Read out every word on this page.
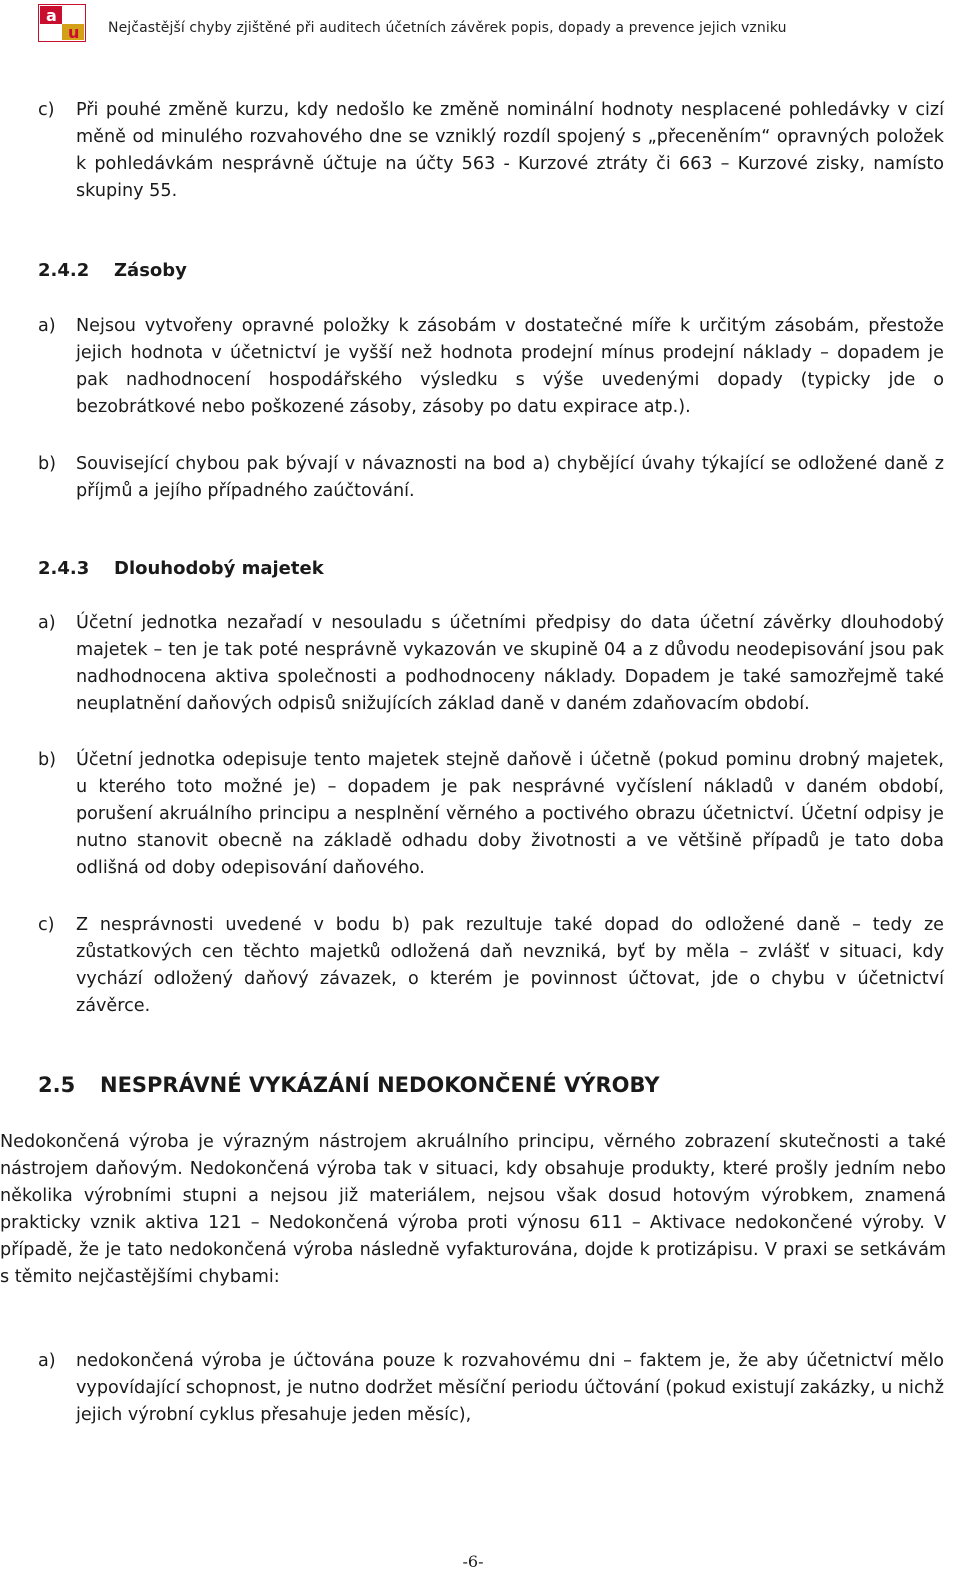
a
u Nejčastější chyby zjištěné při auditech účetních závěrek popis, dopady a prevence jejich vzniku
c) Při pouhé změně kurzu, kdy nedošlo ke změně nominální hodnoty nesplacené pohledávky v cizí měně od minulého rozvahového dne se vzniklý rozdíl spojený s „přeceněním“ opravných položek k pohledávkám nesprávně účtuje na účty 563 - Kurzové ztráty či 663 – Kurzové zisky, namísto skupiny 55.

2.4.2 Zásoby
a) Nejsou vytvořeny opravné položky k zásobám v dostatečné míře k určitým zásobám, přestože jejich hodnota v účetnictví je vyšší než hodnota prodejní mínus prodejní náklady – dopadem je pak nadhodnocení hospodářského výsledku s výše uvedenými dopady (typicky jde o bezobrátkové nebo poškozené zásoby, zásoby po datu expirace atp.).

b) Související chybou pak bývají v návaznosti na bod a) chybějící úvahy týkající se odložené daně z příjmů a jejího případného zaúčtování.

2.4.3 Dlouhodobý majetek
a) Účetní jednotka nezařadí v nesouladu s účetními předpisy do data účetní závěrky dlouhodobý majetek – ten je tak poté nesprávně vykazován ve skupině 04 a z důvodu neodepisování jsou pak nadhodnocena aktiva společnosti a podhodnoceny náklady. Dopadem je také samozřejmě také neuplatnění daňových odpisů snižujících základ daně v daném zdaňovacím období.

b) Účetní jednotka odepisuje tento majetek stejně daňově i účetně (pokud pominu drobný majetek, u kterého toto možné je) – dopadem je pak nesprávné vyčíslení nákladů v daném období, porušení akruálního principu a nesplnění věrného a poctivého obrazu účetnictví. Účetní odpisy je nutno stanovit obecně na základě odhadu doby životnosti a ve většině případů je tato doba odlišná od doby odepisování daňového.

c) Z nesprávnosti uvedené v bodu b) pak rezultuje také dopad do odložené daně – tedy ze zůstatkových cen těchto majetků odložená daň nevzniká, byť by měla – zvlášť v situaci, kdy vychází odložený daňový závazek, o kterém je povinnost účtovat, jde o chybu v účetnictví závěrce.

2.5 NESPRÁVNÉ VYKÁZÁNÍ NEDOKONČENÉ VÝROBY

Nedokončená výroba je výrazným nástrojem akruálního principu, věrného zobrazení skutečnosti a také nástrojem daňovým. Nedokončená výroba tak v situaci, kdy obsahuje produkty, které prošly jedním nebo několika výrobními stupni a nejsou již materiálem, nejsou však dosud hotovým výrobkem, znamená prakticky vznik aktiva 121 – Nedokončená výroba proti výnosu 611 – Aktivace nedokončené výroby. V případě, že je tato nedokončená výroba následně vyfakturována, dojde k protizápisu. V praxi se setkávám s těmito nejčastějšími chybami:

a) nedokončená výroba je účtována pouze k rozvahovému dni – faktem je, že aby účetnictví mělo vypovídající schopnost, je nutno dodržet měsíční periodu účtování (pokud existují zakázky, u nichž jejich výrobní cyklus přesahuje jeden měsíc),

-6-
